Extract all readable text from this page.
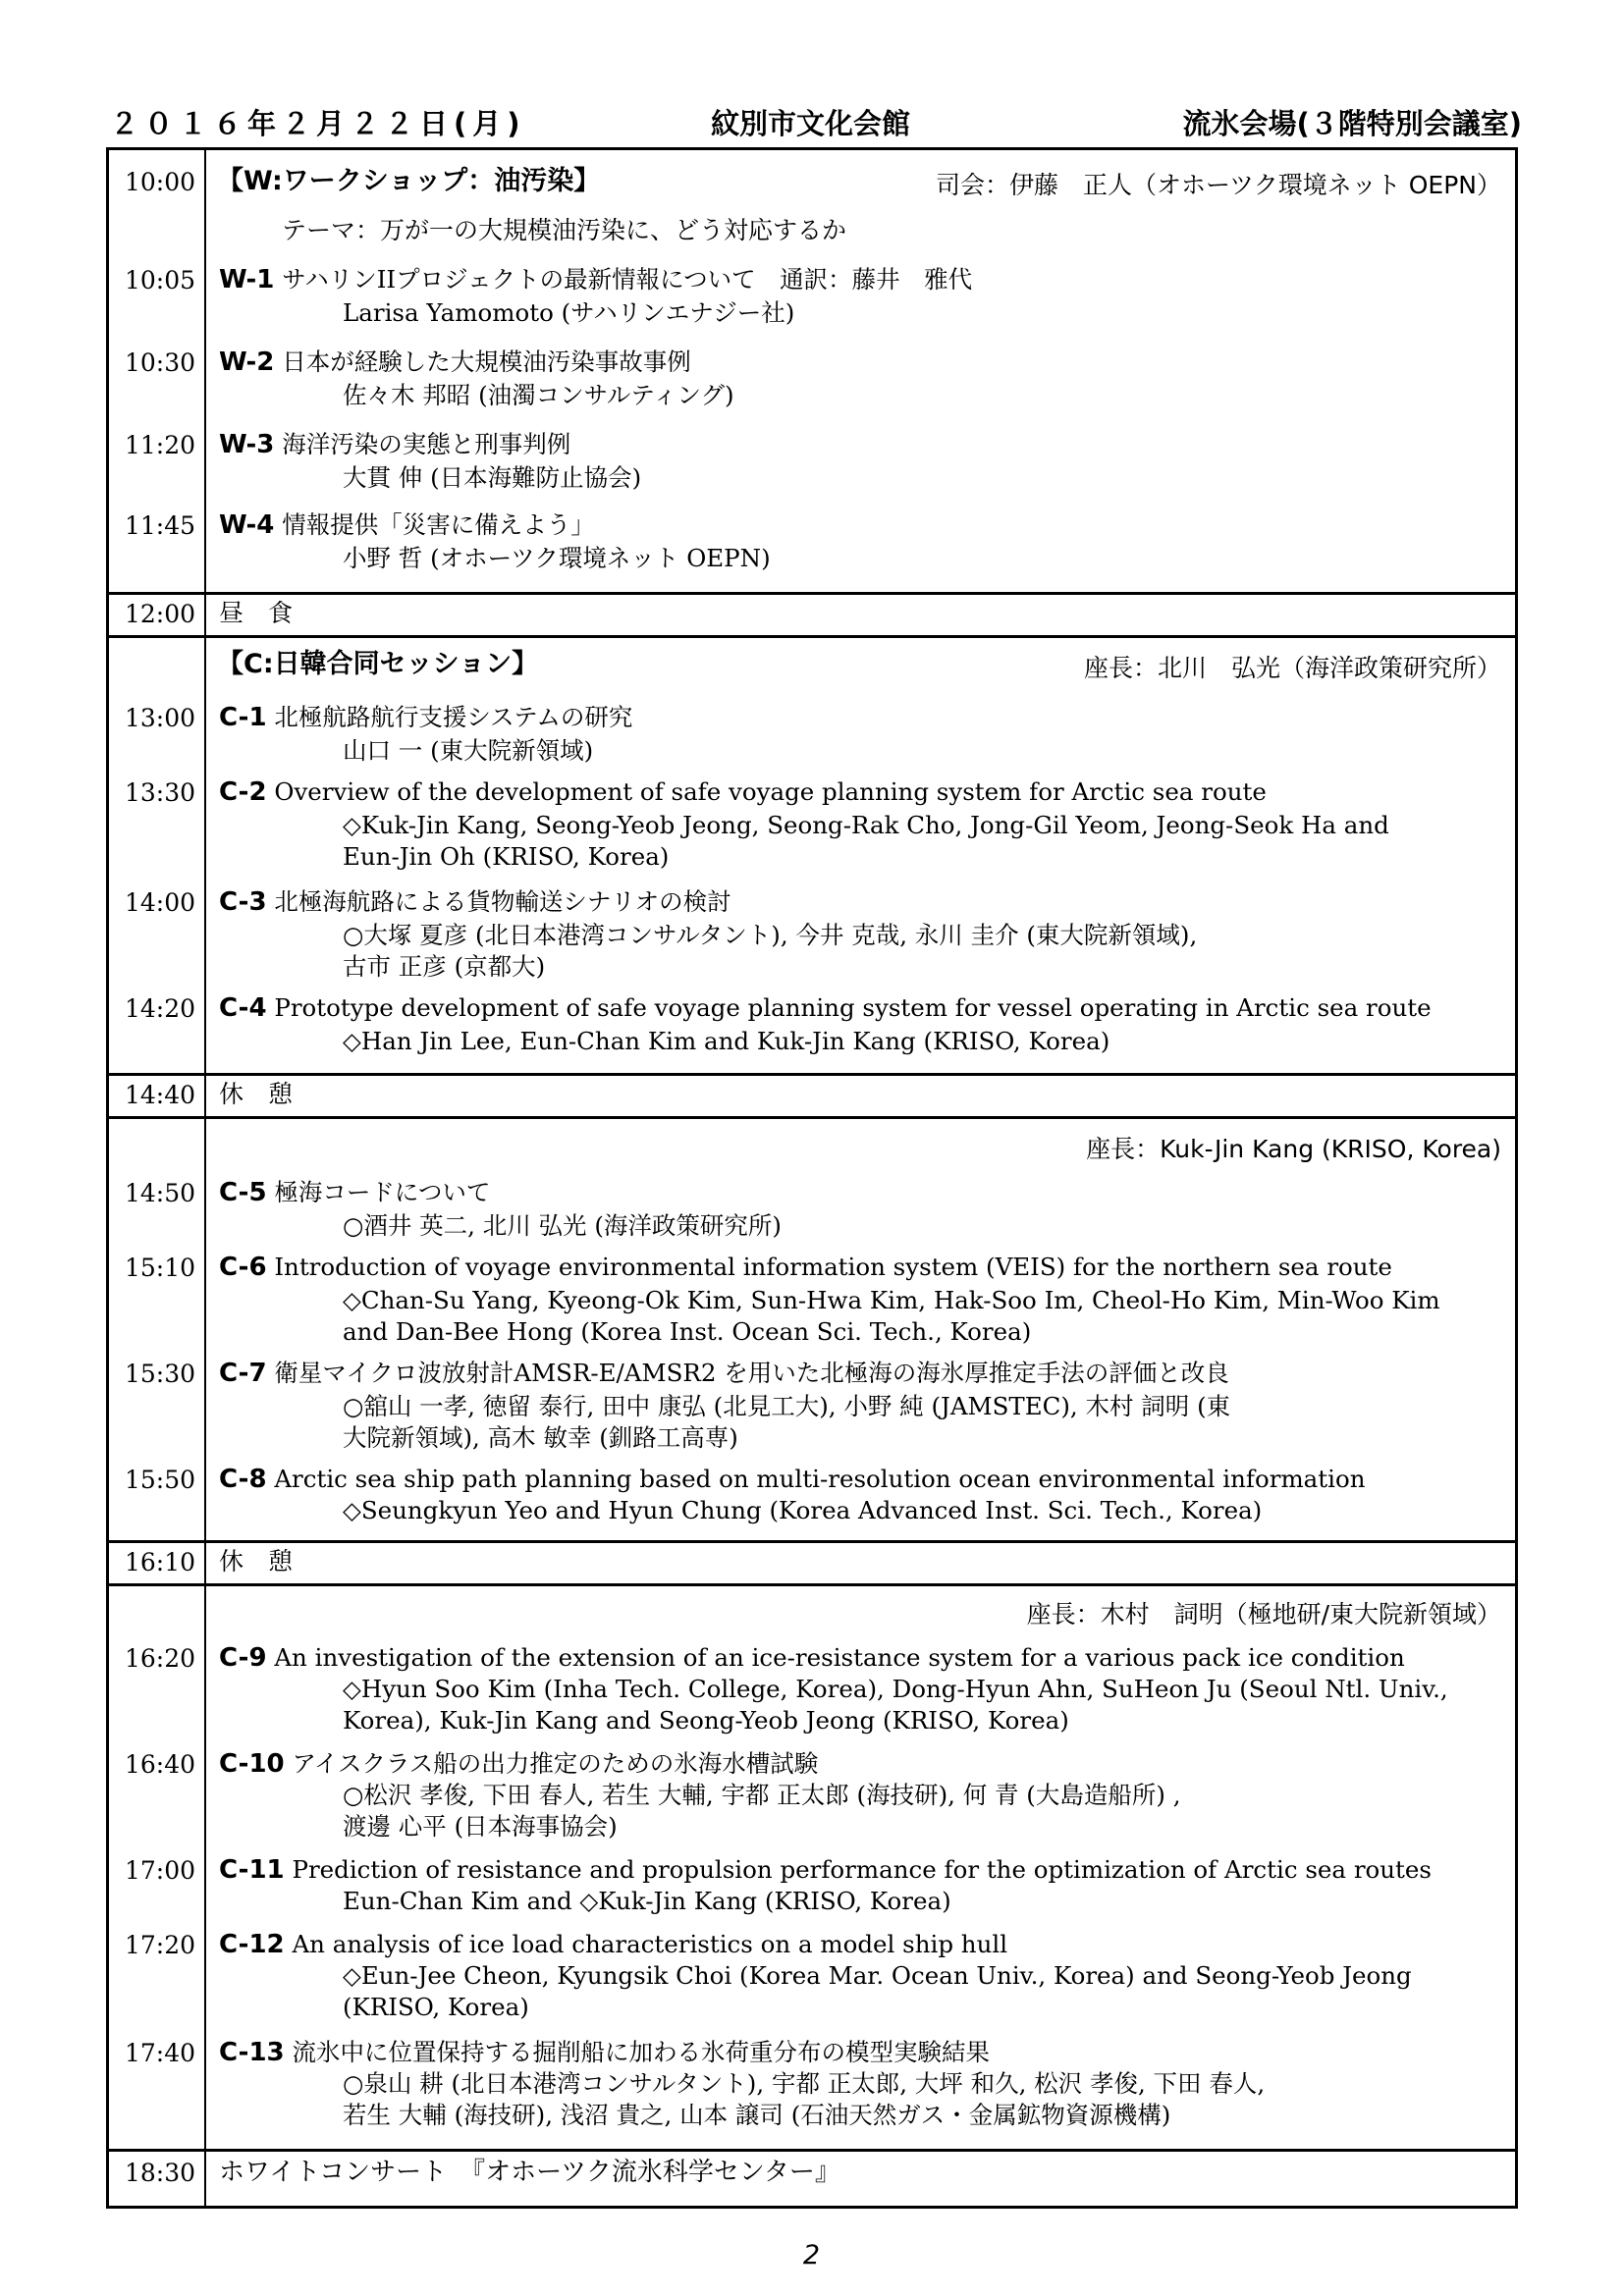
２０１６年２月２２日(月)	紋別市文化会館	流氷会場(３階特別会議室)
10:00 【W:ワークショップ：油汚染】	司会：伊藤　正人（オホーツク環境ネット OEPN）
テーマ：万が一の大規模油汚染に、どう対応するか
10:05 W-1 サハリンIIプロジェクトの最新情報について　通訳：藤井　雅代
Larisa Yamomoto (サハリンエナジー社)
10:30 W-2 日本が経験した大規模油汚染事故事例
佐々木 邦昭 (油濁コンサルティング)
11:20 W-3 海洋汚染の実態と刑事判例
大貫 伸 (日本海難防止協会)
11:45 W-4 情報提供「災害に備えよう」
小野 哲 (オホーツク環境ネット OEPN)
12:00 昼　食
【C:日韓合同セッション】	座長：北川　弘光（海洋政策研究所）
13:00 C-1 北極航路航行支援システムの研究
山口 一 (東大院新領域)
13:30 C-2 Overview of the development of safe voyage planning system for Arctic sea route
◇Kuk-Jin Kang, Seong-Yeob Jeong, Seong-Rak Cho, Jong-Gil Yeom, Jeong-Seok Ha and
Eun-Jin Oh (KRISO, Korea)
14:00 C-3 北極海航路による貨物輸送シナリオの検討
○大塚 夏彦 (北日本港湾コンサルタント), 今井 克哉, 永川 圭介 (東大院新領域),
古市 正彦 (京都大)
14:20 C-4 Prototype development of safe voyage planning system for vessel operating in Arctic sea route
◇Han Jin Lee, Eun-Chan Kim and Kuk-Jin Kang (KRISO, Korea)
14:40 休　憩
座長：Kuk-Jin Kang (KRISO, Korea)
14:50 C-5 極海コードについて
○酒井 英二, 北川 弘光 (海洋政策研究所)
15:10 C-6 Introduction of voyage environmental information system (VEIS) for the northern sea route
◇Chan-Su Yang, Kyeong-Ok Kim, Sun-Hwa Kim, Hak-Soo Im, Cheol-Ho Kim, Min-Woo Kim
and Dan-Bee Hong (Korea Inst. Ocean Sci. Tech., Korea)
15:30 C-7 衛星マイクロ波放射計AMSR-E/AMSR2 を用いた北極海の海氷厚推定手法の評価と改良
○舘山 一孝, 徳留 泰行, 田中 康弘 (北見工大), 小野 純 (JAMSTEC), 木村 詞明 (東
大院新領域), 高木 敏幸 (釧路工高専)
15:50 C-8 Arctic sea ship path planning based on multi-resolution ocean environmental information
◇Seungkyun Yeo and Hyun Chung (Korea Advanced Inst. Sci. Tech., Korea)
16:10 休　憩
座長：木村　詞明（極地研/東大院新領域）
16:20 C-9 An investigation of the extension of an ice-resistance system for a various pack ice condition
◇Hyun Soo Kim (Inha Tech. College, Korea), Dong-Hyun Ahn, SuHeon Ju (Seoul Ntl. Univ.,
Korea), Kuk-Jin Kang and Seong-Yeob Jeong (KRISO, Korea)
16:40 C-10 アイスクラス船の出力推定のための氷海水槽試験
○松沢 孝俊, 下田 春人, 若生 大輔, 宇都 正太郎 (海技研), 何 青 (大島造船所) ,
渡邊 心平 (日本海事協会)
17:00 C-11 Prediction of resistance and propulsion performance for the optimization of Arctic sea routes
Eun-Chan Kim and ◇Kuk-Jin Kang (KRISO, Korea)
17:20 C-12 An analysis of ice load characteristics on a model ship hull
◇Eun-Jee Cheon, Kyungsik Choi (Korea Mar. Ocean Univ., Korea) and Seong-Yeob Jeong
(KRISO, Korea)
17:40 C-13 流氷中に位置保持する掘削船に加わる氷荷重分布の模型実験結果
○泉山 耕 (北日本港湾コンサルタント), 宇都 正太郎, 大坪 和久, 松沢 孝俊, 下田 春人,
若生 大輔 (海技研), 浅沼 貴之, 山本 譲司 (石油天然ガス・金属鉱物資源機構)
18:30 ホワイトコンサート　『オホーツク流氷科学センター』
2
